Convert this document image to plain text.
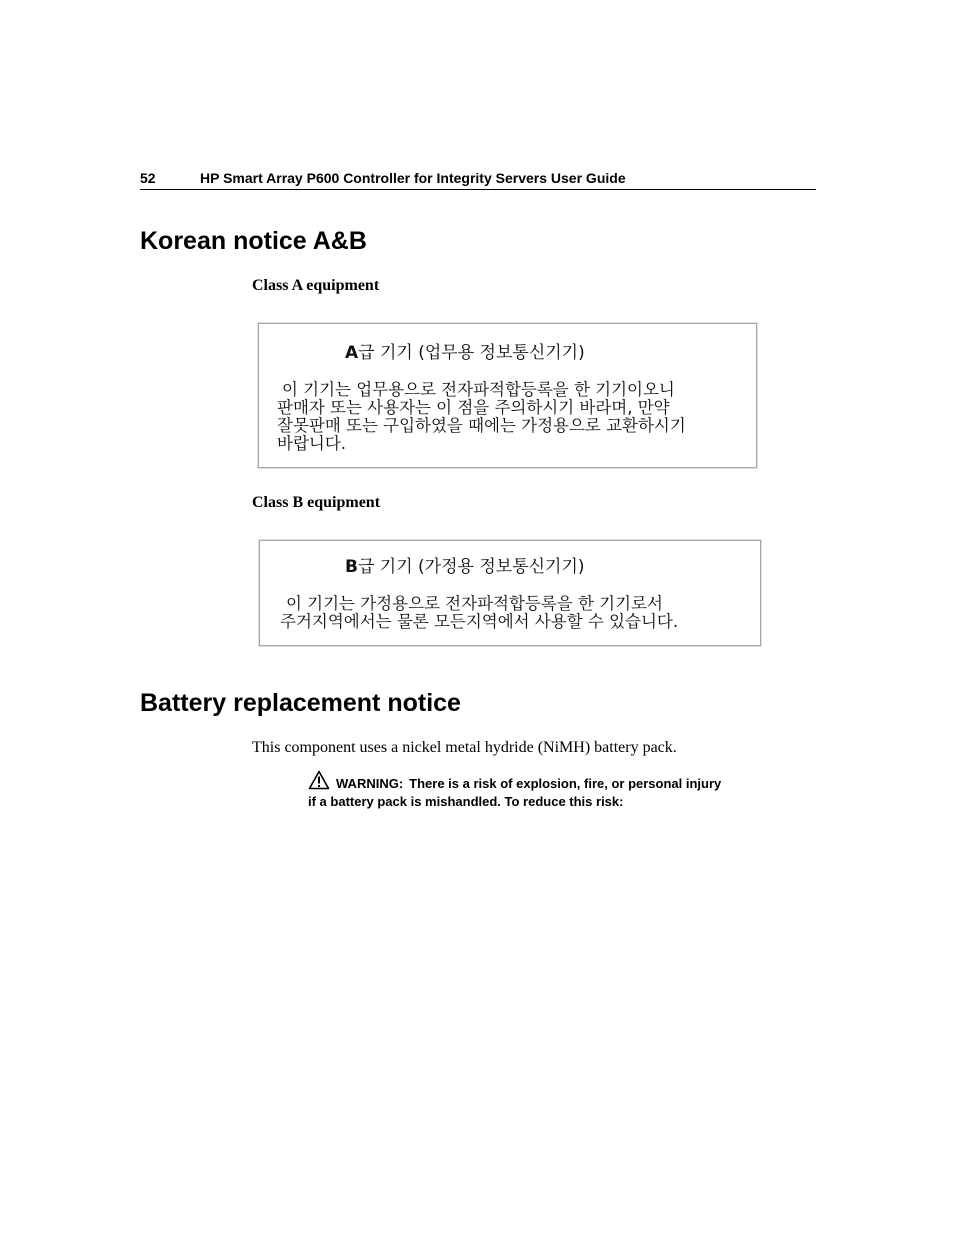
52	HP Smart Array P600 Controller for Integrity Servers User Guide
Korean notice A&B
Class A equipment
A급 기기 (업무용 정보통신기기)
이 기기는 업무용으로 전자파적합등록을 한 기기이오니
판매자 또는 사용자는 이 점을 주의하시기 바라며, 만약
잘못판매 또는 구입하였을 때에는 가정용으로 교환하시기
바랍니다.
Class B equipment
B급 기기 (가정용 정보통신기기)
이 기기는 가정용으로 전자파적합등록을 한 기기로서
주거지역에서는 물론 모든지역에서 사용할 수 있습니다.
Battery replacement notice
This component uses a nickel metal hydride (NiMH) battery pack.
WARNING: There is a risk of explosion, fire, or personal injury
if a battery pack is mishandled. To reduce this risk:
